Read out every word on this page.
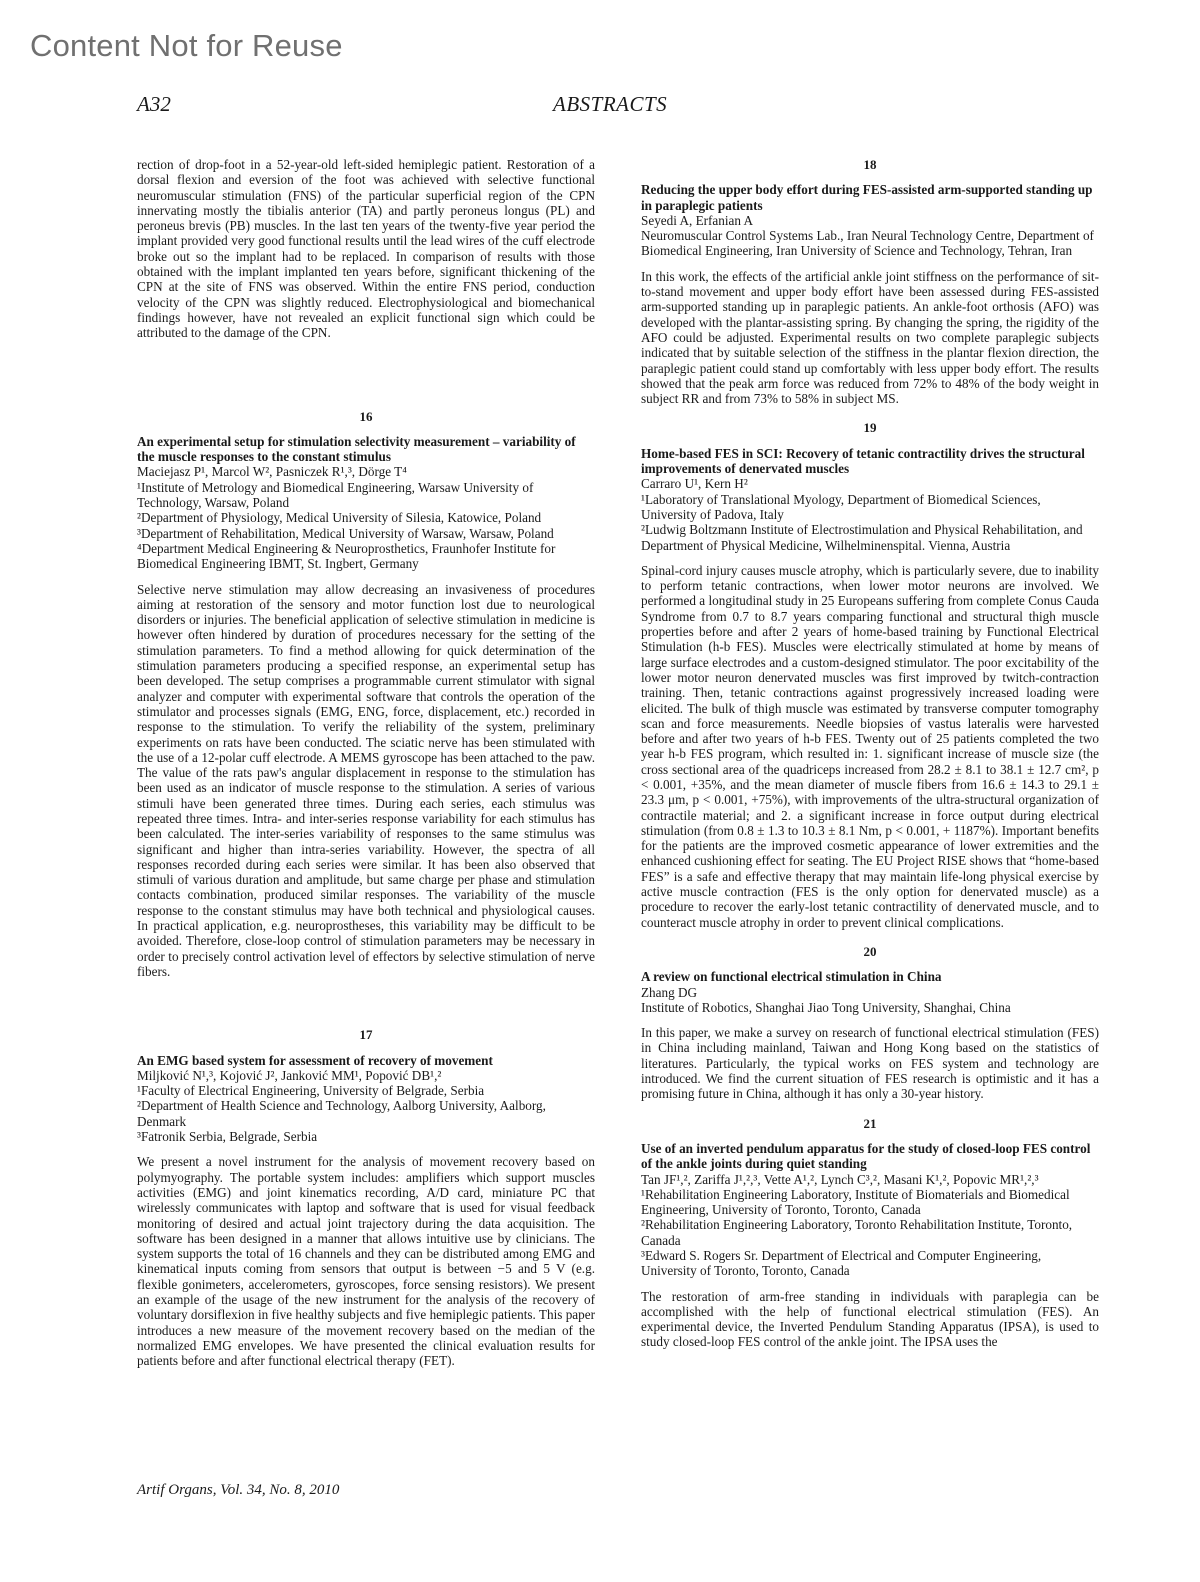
Content Not for Reuse
A32	ABSTRACTS

rection of drop-foot in a 52-year-old left-sided hemiplegic patient. Restoration of a dorsal flexion and eversion of the foot was achieved with selective functional neuromuscular stimulation (FNS) of the particular superficial region of the CPN innervating mostly the tibialis anterior (TA) and partly peroneus longus (PL) and peroneus brevis (PB) muscles. In the last ten years of the twenty-five year period the implant provided very good functional results until the lead wires of the cuff electrode broke out so the implant had to be replaced. In comparison of results with those obtained with the implant implanted ten years before, significant thickening of the CPN at the site of FNS was observed. Within the entire FNS period, conduction velocity of the CPN was slightly reduced. Electrophysiological and biomechanical findings however, have not revealed an explicit functional sign which could be attributed to the damage of the CPN.

16

An experimental setup for stimulation selectivity measurement – variability of the muscle responses to the constant stimulus

Maciejasz P¹, Marcol W², Pasniczek R¹,³, Dörge T⁴

¹Institute of Metrology and Biomedical Engineering, Warsaw University of Technology, Warsaw, Poland

²Department of Physiology, Medical University of Silesia, Katowice, Poland

³Department of Rehabilitation, Medical University of Warsaw, Warsaw, Poland

⁴Department Medical Engineering & Neuroprosthetics, Fraunhofer Institute for Biomedical Engineering IBMT, St. Ingbert, Germany

Selective nerve stimulation may allow decreasing an invasiveness of procedures aiming at restoration of the sensory and motor function lost due to neurological disorders or injuries. The beneficial application of selective stimulation in medicine is however often hindered by duration of procedures necessary for the setting of the stimulation parameters. To find a method allowing for quick determination of the stimulation parameters producing a specified response, an experimental setup has been developed. The setup comprises a programmable current stimulator with signal analyzer and computer with experimental software that controls the operation of the stimulator and processes signals (EMG, ENG, force, displacement, etc.) recorded in response to the stimulation. To verify the reliability of the system, preliminary experiments on rats have been conducted. The sciatic nerve has been stimulated with the use of a 12-polar cuff electrode. A MEMS gyroscope has been attached to the paw. The value of the rats paw's angular displacement in response to the stimulation has been used as an indicator of muscle response to the stimulation. A series of various stimuli have been generated three times. During each series, each stimulus was repeated three times. Intra- and inter-series response variability for each stimulus has been calculated. The inter-series variability of responses to the same stimulus was significant and higher than intra-series variability. However, the spectra of all responses recorded during each series were similar. It has been also observed that stimuli of various duration and amplitude, but same charge per phase and stimulation contacts combination, produced similar responses. The variability of the muscle response to the constant stimulus may have both technical and physiological causes. In practical application, e.g. neuroprostheses, this variability may be difficult to be avoided. Therefore, close-loop control of stimulation parameters may be necessary in order to precisely control activation level of effectors by selective stimulation of nerve fibers.

17

An EMG based system for assessment of recovery of movement

Miljković N¹,³, Kojović J², Janković MM¹, Popović DB¹,²

¹Faculty of Electrical Engineering, University of Belgrade, Serbia

²Department of Health Science and Technology, Aalborg University, Aalborg, Denmark

³Fatronik Serbia, Belgrade, Serbia

We present a novel instrument for the analysis of movement recovery based on polymyography. The portable system includes: amplifiers which support muscles activities (EMG) and joint kinematics recording, A/D card, miniature PC that wirelessly communicates with laptop and software that is used for visual feedback monitoring of desired and actual joint trajectory during the data acquisition. The software has been designed in a manner that allows intuitive use by clinicians. The system supports the total of 16 channels and they can be distributed among EMG and kinematical inputs coming from sensors that output is between −5 and 5 V (e.g. flexible gonimeters, accelerometers, gyroscopes, force sensing resistors). We present an example of the usage of the new instrument for the analysis of the recovery of voluntary dorsiflexion in five healthy subjects and five hemiplegic patients. This paper introduces a new measure of the movement recovery based on the median of the normalized EMG envelopes. We have presented the clinical evaluation results for patients before and after functional electrical therapy (FET).

18

Reducing the upper body effort during FES-assisted arm-supported standing up in paraplegic patients

Seyedi A, Erfanian A

Neuromuscular Control Systems Lab., Iran Neural Technology Centre, Department of Biomedical Engineering, Iran University of Science and Technology, Tehran, Iran

In this work, the effects of the artificial ankle joint stiffness on the performance of sit-to-stand movement and upper body effort have been assessed during FES-assisted arm-supported standing up in paraplegic patients. An ankle-foot orthosis (AFO) was developed with the plantar-assisting spring. By changing the spring, the rigidity of the AFO could be adjusted. Experimental results on two complete paraplegic subjects indicated that by suitable selection of the stiffness in the plantar flexion direction, the paraplegic patient could stand up comfortably with less upper body effort. The results showed that the peak arm force was reduced from 72% to 48% of the body weight in subject RR and from 73% to 58% in subject MS.

19

Home-based FES in SCI: Recovery of tetanic contractility drives the structural improvements of denervated muscles

Carraro U¹, Kern H²

¹Laboratory of Translational Myology, Department of Biomedical Sciences, University of Padova, Italy

²Ludwig Boltzmann Institute of Electrostimulation and Physical Rehabilitation, and Department of Physical Medicine, Wilhelminenspital. Vienna, Austria

Spinal-cord injury causes muscle atrophy, which is particularly severe, due to inability to perform tetanic contractions, when lower motor neurons are involved. We performed a longitudinal study in 25 Europeans suffering from complete Conus Cauda Syndrome from 0.7 to 8.7 years comparing functional and structural thigh muscle properties before and after 2 years of home-based training by Functional Electrical Stimulation (h-b FES). Muscles were electrically stimulated at home by means of large surface electrodes and a custom-designed stimulator. The poor excitability of the lower motor neuron denervated muscles was first improved by twitch-contraction training. Then, tetanic contractions against progressively increased loading were elicited. The bulk of thigh muscle was estimated by transverse computer tomography scan and force measurements. Needle biopsies of vastus lateralis were harvested before and after two years of h-b FES. Twenty out of 25 patients completed the two year h-b FES program, which resulted in: 1. significant increase of muscle size (the cross sectional area of the quadriceps increased from 28.2 ± 8.1 to 38.1 ± 12.7 cm², p < 0.001, +35%, and the mean diameter of muscle fibers from 16.6 ± 14.3 to 29.1 ± 23.3 μm, p < 0.001, +75%), with improvements of the ultra-structural organization of contractile material; and 2. a significant increase in force output during electrical stimulation (from 0.8 ± 1.3 to 10.3 ± 8.1 Nm, p < 0.001, + 1187%). Important benefits for the patients are the improved cosmetic appearance of lower extremities and the enhanced cushioning effect for seating. The EU Project RISE shows that “home-based FES” is a safe and effective therapy that may maintain life-long physical exercise by active muscle contraction (FES is the only option for denervated muscle) as a procedure to recover the early-lost tetanic contractility of denervated muscle, and to counteract muscle atrophy in order to prevent clinical complications.

20

A review on functional electrical stimulation in China

Zhang DG

Institute of Robotics, Shanghai Jiao Tong University, Shanghai, China

In this paper, we make a survey on research of functional electrical stimulation (FES) in China including mainland, Taiwan and Hong Kong based on the statistics of literatures. Particularly, the typical works on FES system and technology are introduced. We find the current situation of FES research is optimistic and it has a promising future in China, although it has only a 30-year history.

21

Use of an inverted pendulum apparatus for the study of closed-loop FES control of the ankle joints during quiet standing

Tan JF¹,², Zariffa J¹,²,³, Vette A¹,², Lynch C³,², Masani K¹,², Popovic MR¹,²,³

¹Rehabilitation Engineering Laboratory, Institute of Biomaterials and Biomedical Engineering, University of Toronto, Toronto, Canada

²Rehabilitation Engineering Laboratory, Toronto Rehabilitation Institute, Toronto, Canada

³Edward S. Rogers Sr. Department of Electrical and Computer Engineering, University of Toronto, Toronto, Canada

The restoration of arm-free standing in individuals with paraplegia can be accomplished with the help of functional electrical stimulation (FES). An experimental device, the Inverted Pendulum Standing Apparatus (IPSA), is used to study closed-loop FES control of the ankle joint. The IPSA uses the

Artif Organs, Vol. 34, No. 8, 2010
